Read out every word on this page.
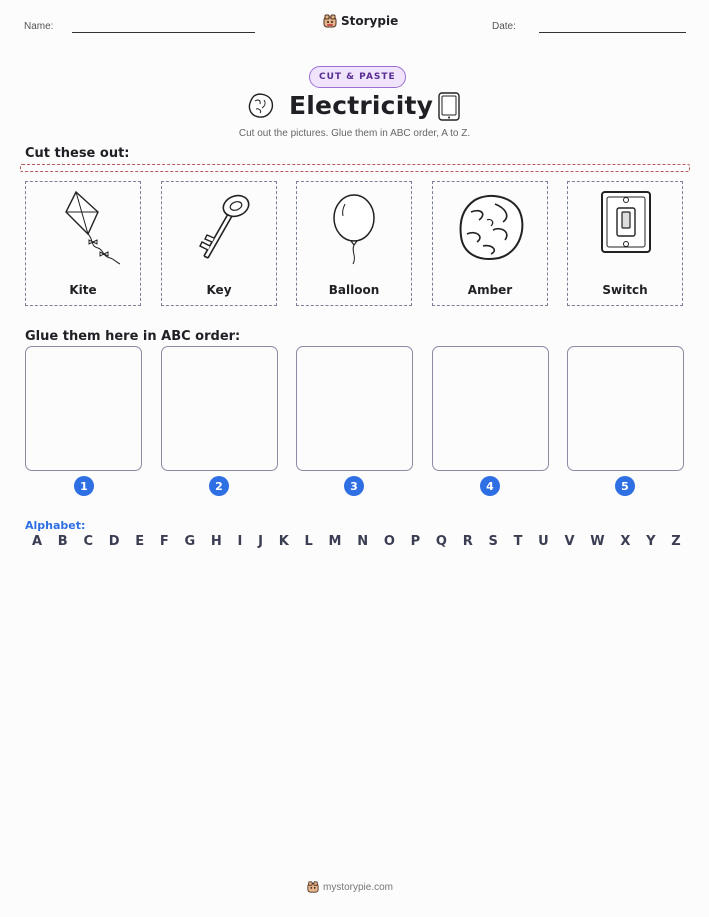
Name:	Storypie	Date:
CUT & PASTE
Electricity
Cut out the pictures. Glue them in ABC order, A to Z.
Cut these out:
Kite	Key	Balloon	Amber	Switch
Glue them here in ABC order:
1	2	3	4	5
Alphabet:
A B C D E F G H I J K L M N O P Q R S T U V W X Y Z
mystorypie.com
